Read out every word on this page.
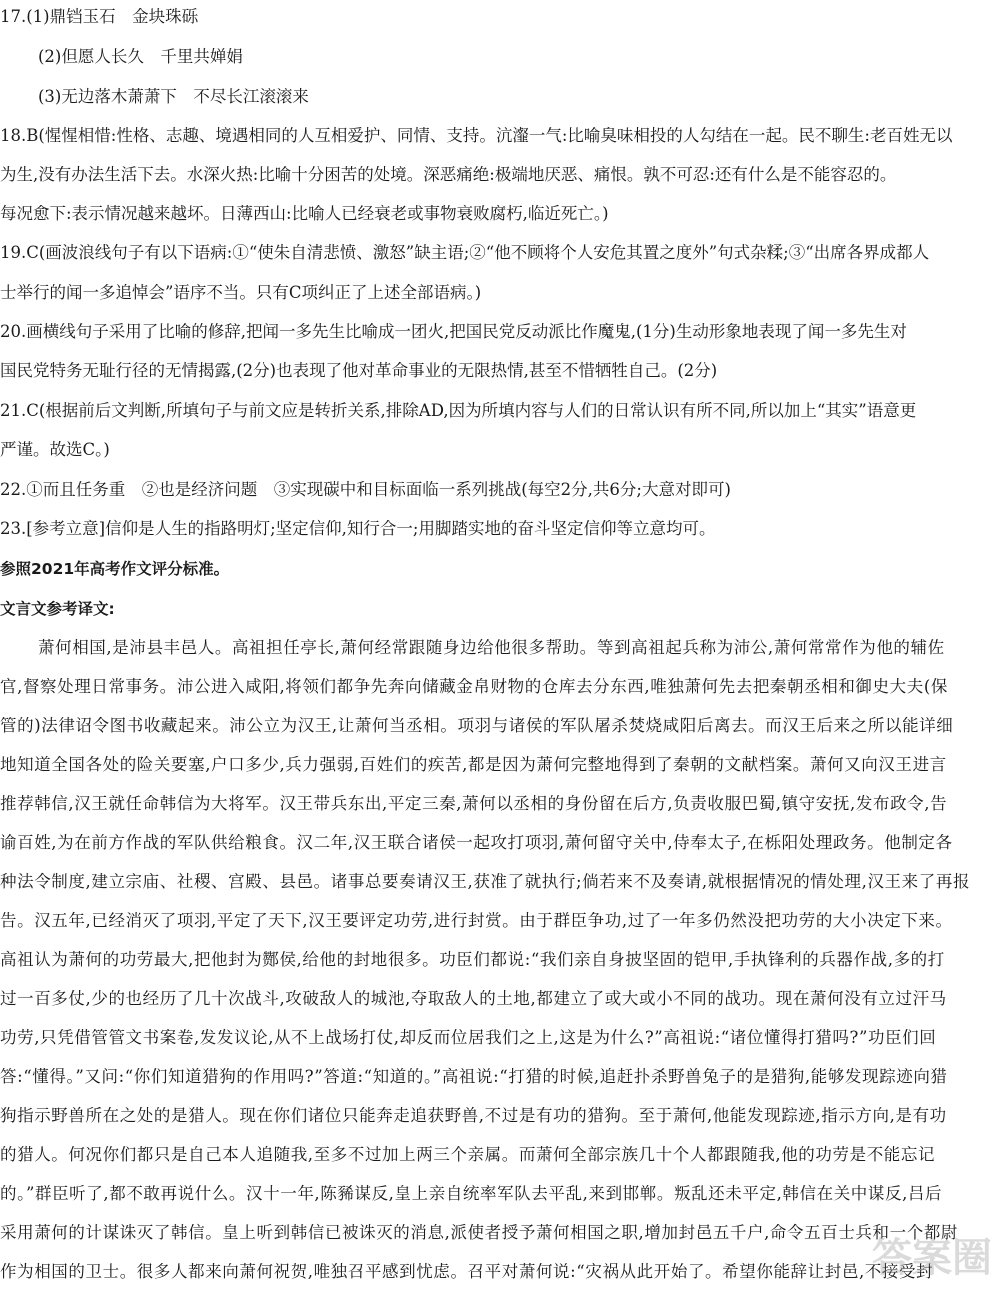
17.(1)鼎铛玉石　金块珠砾
(2)但愿人长久　千里共婵娟
(3)无边落木萧萧下　不尽长江滚滚来
18.B(惺惺相惜:性格、志趣、境遇相同的人互相爱护、同情、支持。沆瀣一气:比喻臭味相投的人勾结在一起。民不聊生:老百姓无以
为生,没有办法生活下去。水深火热:比喻十分困苦的处境。深恶痛绝:极端地厌恶、痛恨。孰不可忍:还有什么是不能容忍的。
每况愈下:表示情况越来越坏。日薄西山:比喻人已经衰老或事物衰败腐朽,临近死亡。)
19.C(画波浪线句子有以下语病:①“使朱自清悲愤、激怒”缺主语;②“他不顾将个人安危其置之度外”句式杂糅;③“出席各界成都人
士举行的闻一多追悼会”语序不当。只有C项纠正了上述全部语病。)
20.画横线句子采用了比喻的修辞,把闻一多先生比喻成一团火,把国民党反动派比作魔鬼,(1分)生动形象地表现了闻一多先生对
国民党特务无耻行径的无情揭露,(2分)也表现了他对革命事业的无限热情,甚至不惜牺牲自己。(2分)
21.C(根据前后文判断,所填句子与前文应是转折关系,排除AD,因为所填内容与人们的日常认识有所不同,所以加上“其实”语意更
严谨。故选C。)
22.①而且任务重　②也是经济问题　③实现碳中和目标面临一系列挑战(每空2分,共6分;大意对即可)
23.[参考立意]信仰是人生的指路明灯;坚定信仰,知行合一;用脚踏实地的奋斗坚定信仰等立意均可。
参照2021年高考作文评分标准。
文言文参考译文:
萧何相国,是沛县丰邑人。高祖担任亭长,萧何经常跟随身边给他很多帮助。等到高祖起兵称为沛公,萧何常常作为他的辅佐
官,督察处理日常事务。沛公进入咸阳,将领们都争先奔向储藏金帛财物的仓库去分东西,唯独萧何先去把秦朝丞相和御史大夫(保
管的)法律诏令图书收藏起来。沛公立为汉王,让萧何当丞相。项羽与诸侯的军队屠杀焚烧咸阳后离去。而汉王后来之所以能详细
地知道全国各处的险关要塞,户口多少,兵力强弱,百姓们的疾苦,都是因为萧何完整地得到了秦朝的文献档案。萧何又向汉王进言
推荐韩信,汉王就任命韩信为大将军。汉王带兵东出,平定三秦,萧何以丞相的身份留在后方,负责收服巴蜀,镇守安抚,发布政令,告
谕百姓,为在前方作战的军队供给粮食。汉二年,汉王联合诸侯一起攻打项羽,萧何留守关中,侍奉太子,在栎阳处理政务。他制定各
种法令制度,建立宗庙、社稷、宫殿、县邑。诸事总要奏请汉王,获准了就执行;倘若来不及奏请,就根据情况的情处理,汉王来了再报
告。汉五年,已经消灭了项羽,平定了天下,汉王要评定功劳,进行封赏。由于群臣争功,过了一年多仍然没把功劳的大小决定下来。
高祖认为萧何的功劳最大,把他封为酂侯,给他的封地很多。功臣们都说:“我们亲自身披坚固的铠甲,手执锋利的兵器作战,多的打
过一百多仗,少的也经历了几十次战斗,攻破敌人的城池,夺取敌人的土地,都建立了或大或小不同的战功。现在萧何没有立过汗马
功劳,只凭借管管文书案卷,发发议论,从不上战场打仗,却反而位居我们之上,这是为什么?”高祖说:“诸位懂得打猎吗?”功臣们回
答:“懂得。”又问:“你们知道猎狗的作用吗?”答道:“知道的。”高祖说:“打猎的时候,追赶扑杀野兽兔子的是猎狗,能够发现踪迹向猎
狗指示野兽所在之处的是猎人。现在你们诸位只能奔走追获野兽,不过是有功的猎狗。至于萧何,他能发现踪迹,指示方向,是有功
的猎人。何况你们都只是自己本人追随我,至多不过加上两三个亲属。而萧何全部宗族几十个人都跟随我,他的功劳是不能忘记
的。”群臣听了,都不敢再说什么。汉十一年,陈豨谋反,皇上亲自统率军队去平乱,来到邯郸。叛乱还未平定,韩信在关中谋反,吕后
采用萧何的计谋诛灭了韩信。皇上听到韩信已被诛灭的消息,派使者授予萧何相国之职,增加封邑五千户,命令五百士兵和一个都尉
作为相国的卫士。很多人都来向萧何祝贺,唯独召平感到忧虑。召平对萧何说:“灾祸从此开始了。希望你能辞让封邑,不接受封
答案圈
